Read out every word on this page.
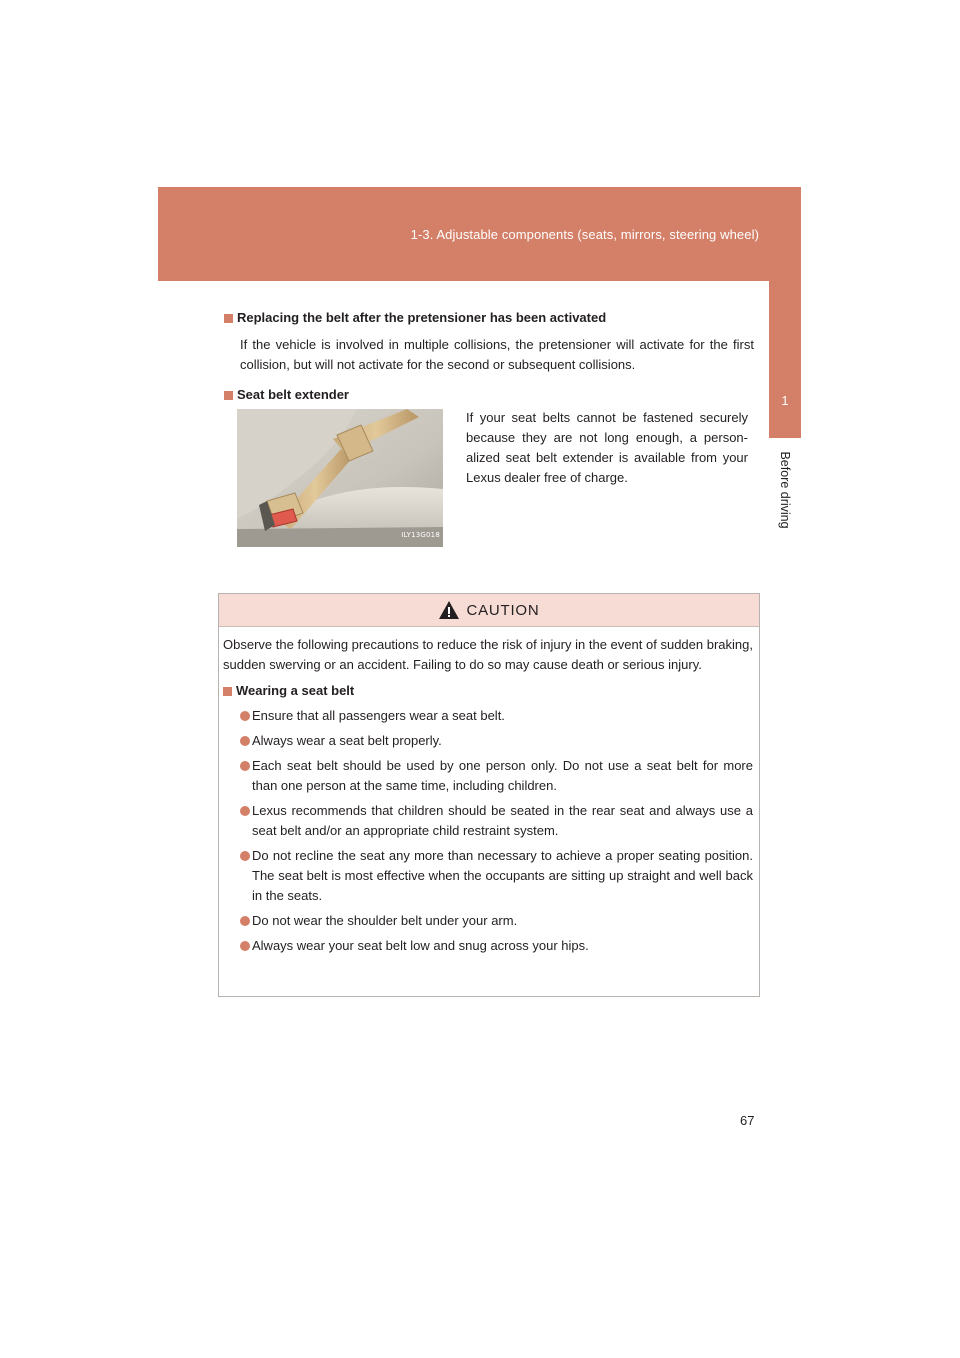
1-3. Adjustable components (seats, mirrors, steering wheel)
1
Before driving
Replacing the belt after the pretensioner has been activated

If the vehicle is involved in multiple collisions, the pretensioner will activate for the first collision, but will not activate for the second or subsequent collisions.

Seat belt extender
ILY13G018
If your seat belts cannot be fastened securely because they are not long enough, a person-alized seat belt extender is available from your Lexus dealer free of charge.
CAUTION

Observe the following precautions to reduce the risk of injury in the event of sudden braking, sudden swerving or an accident. Failing to do so may cause death or serious injury.

Wearing a seat belt
Ensure that all passengers wear a seat belt.
Always wear a seat belt properly.
Each seat belt should be used by one person only. Do not use a seat belt for more than one person at the same time, including children.
Lexus recommends that children should be seated in the rear seat and always use a seat belt and/or an appropriate child restraint system.
Do not recline the seat any more than necessary to achieve a proper seating position. The seat belt is most effective when the occupants are sitting up straight and well back in the seats.
Do not wear the shoulder belt under your arm.
Always wear your seat belt low and snug across your hips.
67
